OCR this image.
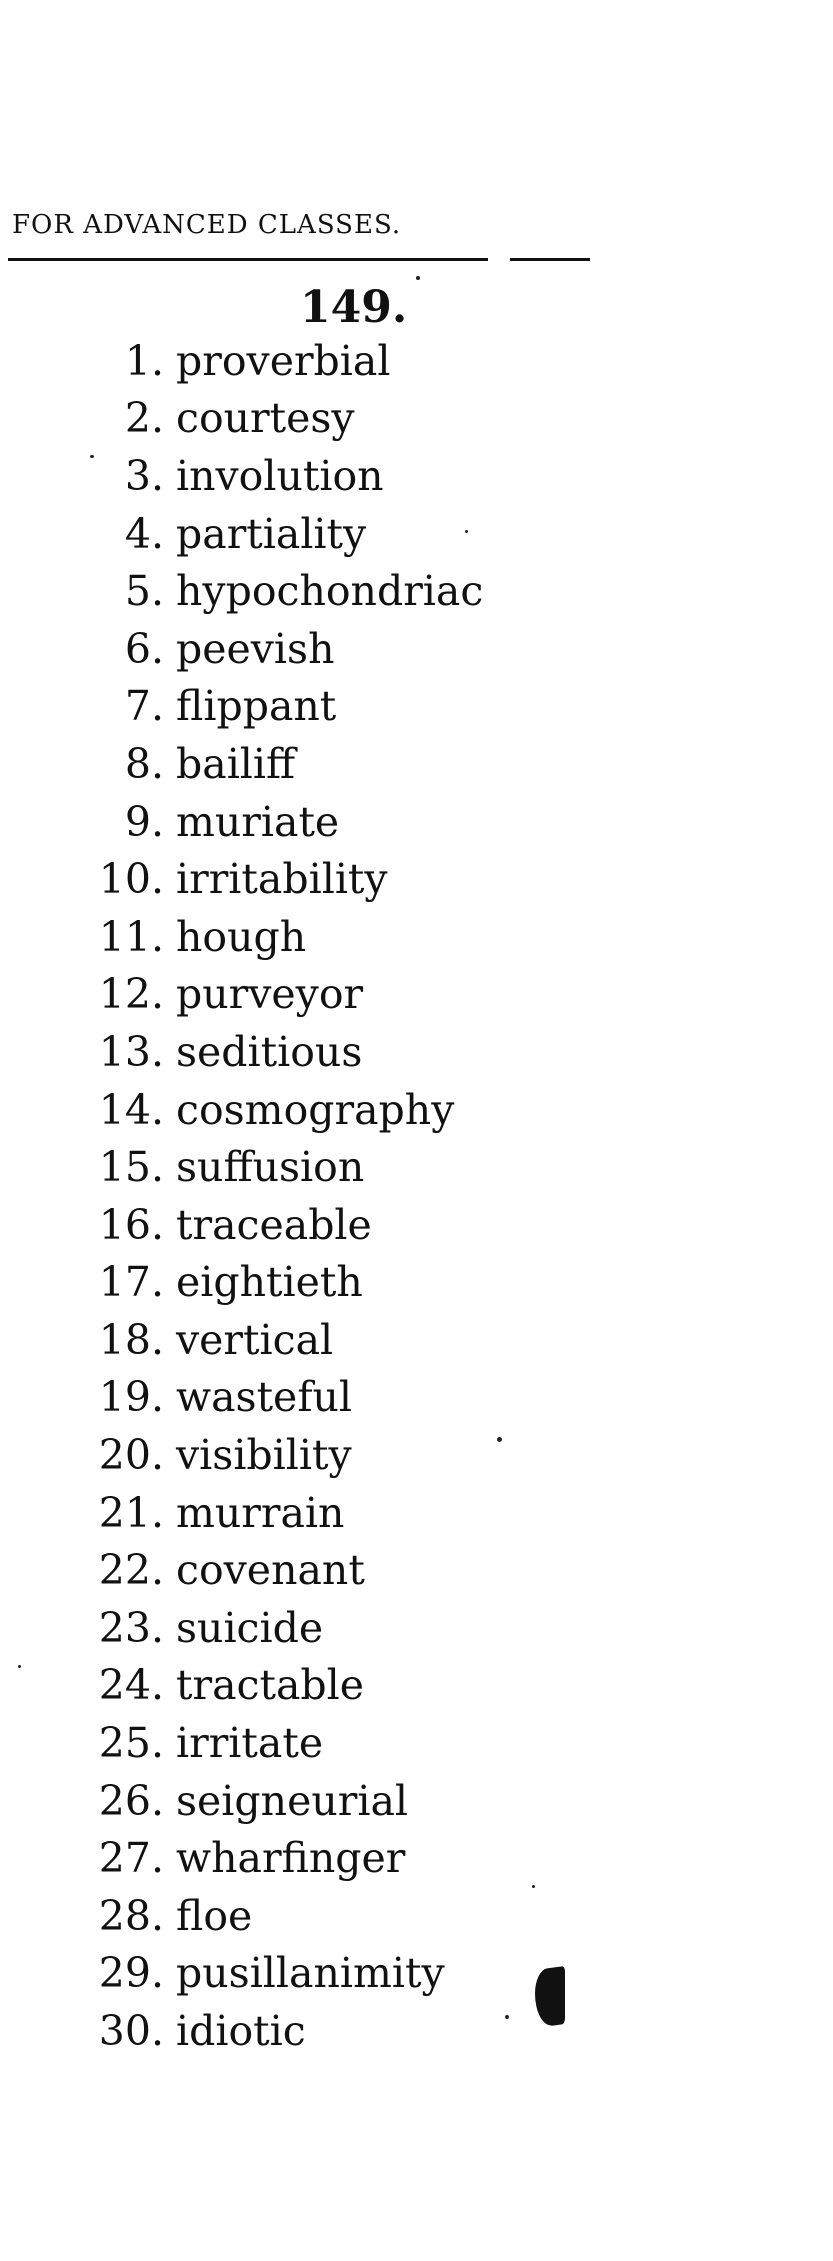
FOR ADVANCED CLASSES.
149.
1. proverbial
2. courtesy
3. involution
4. partiality
5. hypochondriac
6. peevish
7. flippant
8. bailiff
9. muriate
10. irritability
11. hough
12. purveyor
13. seditious
14. cosmography
15. suffusion
16. traceable
17. eightieth
18. vertical
19. wasteful
20. visibility
21. murrain
22. covenant
23. suicide
24. tractable
25. irritate
26. seigneurial
27. wharfinger
28. floe
29. pusillanimity
30. idiotic
